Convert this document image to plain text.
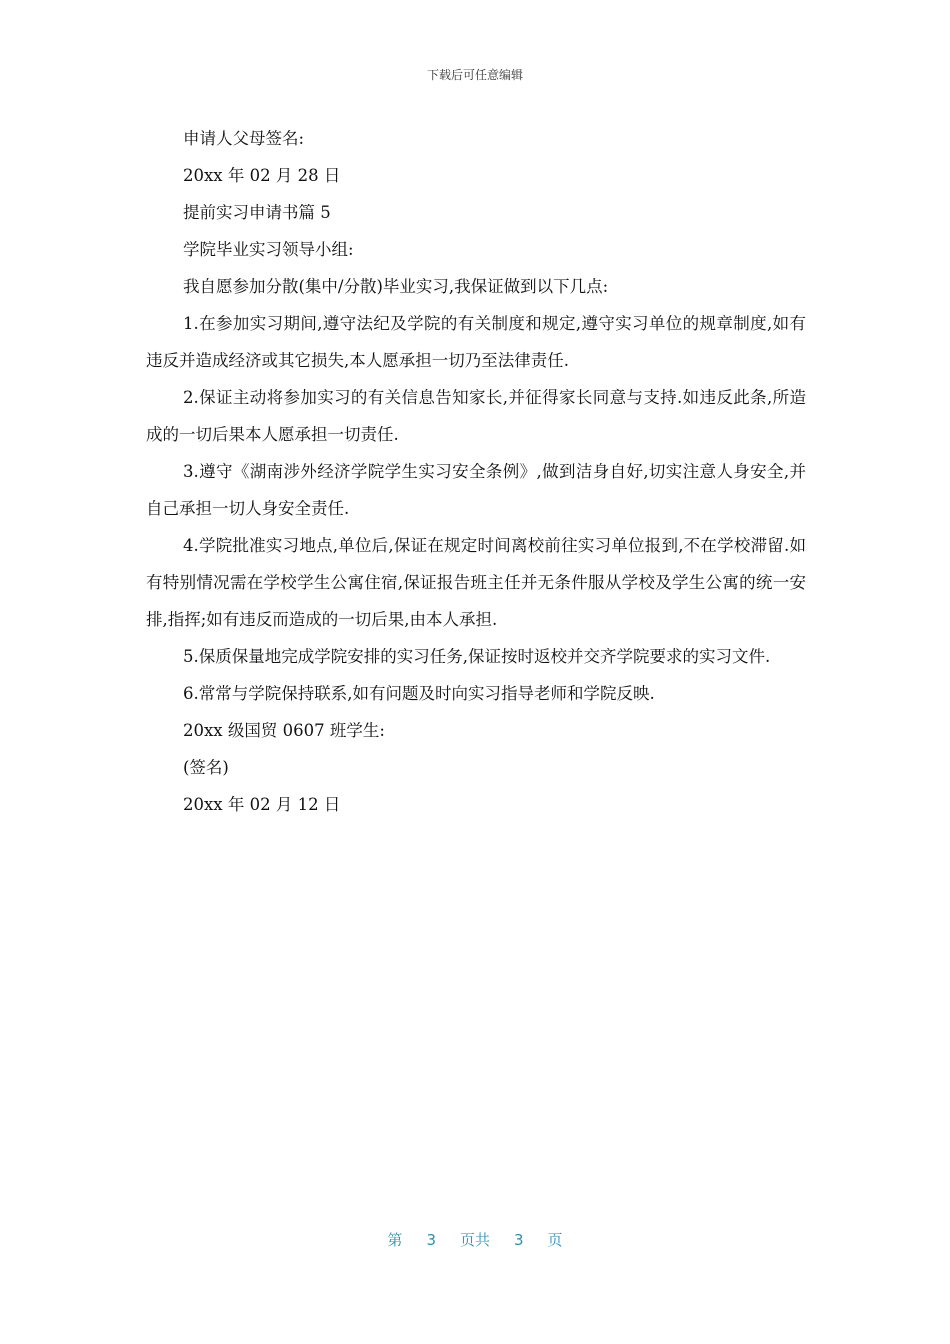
下载后可任意编辑

申请人父母签名:

20xx 年 02 月 28 日

提前实习申请书篇 5

学院毕业实习领导小组:

我自愿参加分散(集中/分散)毕业实习,我保证做到以下几点:

1.在参加实习期间,遵守法纪及学院的有关制度和规定,遵守实习单位的规章制度,如有违反并造成经济或其它损失,本人愿承担一切乃至法律责任.

2.保证主动将参加实习的有关信息告知家长,并征得家长同意与支持.如违反此条,所造成的一切后果本人愿承担一切责任.

3.遵守《湖南涉外经济学院学生实习安全条例》,做到洁身自好,切实注意人身安全,并自己承担一切人身安全责任.

4.学院批准实习地点,单位后,保证在规定时间离校前往实习单位报到,不在学校滞留.如有特别情况需在学校学生公寓住宿,保证报告班主任并无条件服从学校及学生公寓的统一安排,指挥;如有违反而造成的一切后果,由本人承担.

5.保质保量地完成学院安排的实习任务,保证按时返校并交齐学院要求的实习文件.

6.常常与学院保持联系,如有问题及时向实习指导老师和学院反映.

20xx 级国贸 0607 班学生:

(签名)

20xx 年 02 月 12 日

第 3 页共 3 页
